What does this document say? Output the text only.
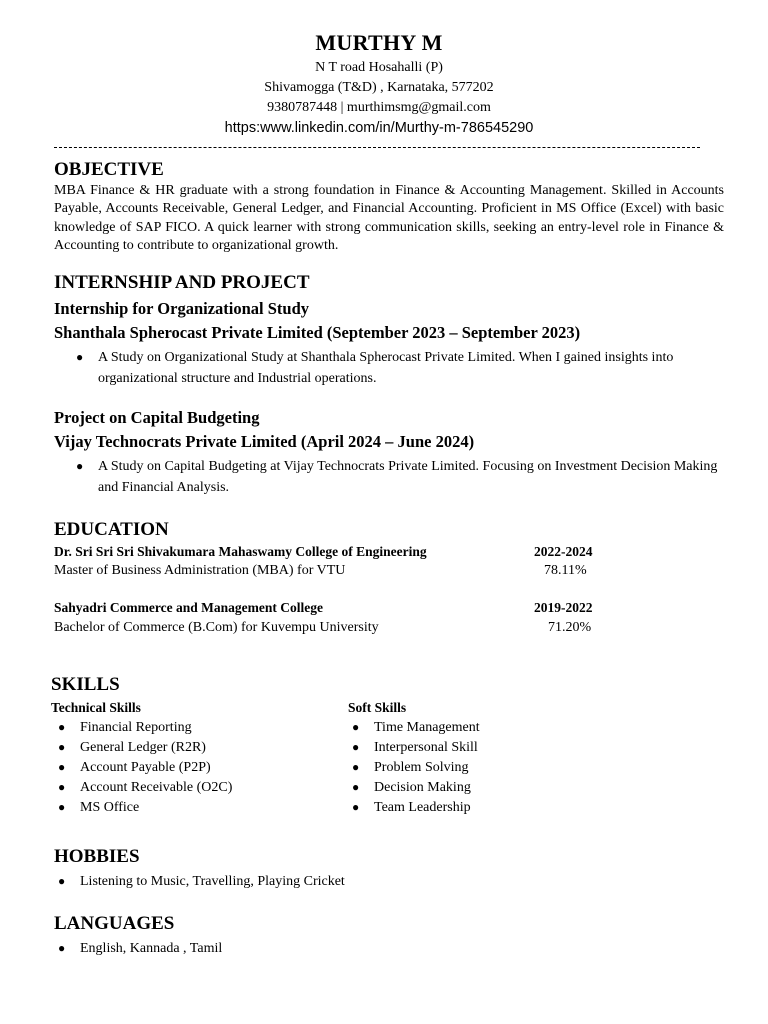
MURTHY M
N T road Hosahalli (P)
Shivamogga (T&D) , Karnataka, 577202
9380787448 | murthimsmg@gmail.com
https:www.linkedin.com/in/Murthy-m-786545290
OBJECTIVE
MBA Finance & HR graduate with a strong foundation in Finance & Accounting Management. Skilled in Accounts Payable, Accounts Receivable, General Ledger, and Financial Accounting. Proficient in MS Office (Excel) with basic knowledge of SAP FICO. A quick learner with strong communication skills, seeking an entry-level role in Finance & Accounting to contribute to organizational growth.
INTERNSHIP AND PROJECT
Internship for Organizational Study
Shanthala Spherocast Private Limited (September 2023 – September 2023)
● A Study on Organizational Study at Shanthala Spherocast Private Limited. When I gained insights into organizational structure and Industrial operations.
Project on Capital Budgeting
Vijay Technocrats Private Limited (April 2024 – June 2024)
● A Study on Capital Budgeting at Vijay Technocrats Private Limited. Focusing on Investment Decision Making and Financial Analysis.
EDUCATION
Dr. Sri Sri Sri Shivakumara Mahaswamy College of Engineering	2022-2024
Master of Business Administration (MBA) for VTU	78.11%
Sahyadri Commerce and Management College	2019-2022
Bachelor of Commerce (B.Com) for Kuvempu University	71.20%
SKILLS
Technical Skills	Soft Skills
● Financial Reporting
● General Ledger (R2R)
● Account Payable (P2P)
● Account Receivable (O2C)
● MS Office
● Time Management
● Interpersonal Skill
● Problem Solving
● Decision Making
● Team Leadership
HOBBIES
● Listening to Music, Travelling, Playing Cricket
LANGUAGES
● English, Kannada , Tamil
